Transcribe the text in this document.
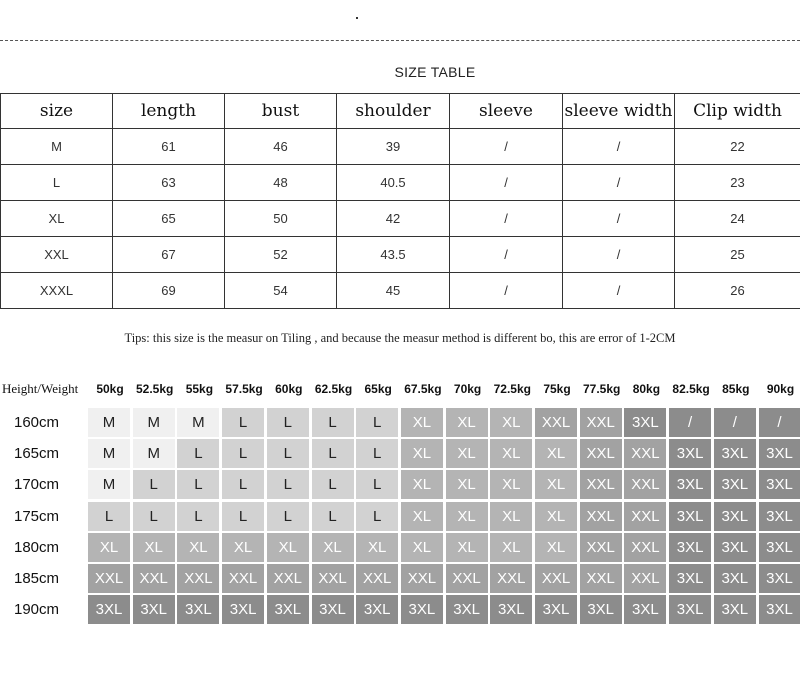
SIZE TABLE
size	length	bust	shoulder	sleeve	sleeve width	Clip width
M	61	46	39	/	/	22
L	63	48	40.5	/	/	23
XL	65	50	42	/	/	24
XXL	67	52	43.5	/	/	25
XXXL	69	54	45	/	/	26
Tips: this size is the measur on Tiling , and because the measur method is different bo, this are error of 1-2CM
Height/Weight	50kg	52.5kg	55kg	57.5kg	60kg	62.5kg	65kg	67.5kg	70kg	72.5kg	75kg	77.5kg	80kg	82.5kg	85kg	90kg
160cm	M	M	M	L	L	L	L	XL	XL	XL	XXL	XXL	3XL	/	/	/
165cm	M	M	L	L	L	L	L	XL	XL	XL	XL	XXL	XXL	3XL	3XL	3XL
170cm	M	L	L	L	L	L	L	XL	XL	XL	XL	XXL	XXL	3XL	3XL	3XL
175cm	L	L	L	L	L	L	L	XL	XL	XL	XL	XXL	XXL	3XL	3XL	3XL
180cm	XL	XL	XL	XL	XL	XL	XL	XL	XL	XL	XL	XXL	XXL	3XL	3XL	3XL
185cm	XXL	XXL	XXL	XXL	XXL	XXL	XXL	XXL	XXL	XXL	XXL	XXL	XXL	3XL	3XL	3XL
190cm	3XL	3XL	3XL	3XL	3XL	3XL	3XL	3XL	3XL	3XL	3XL	3XL	3XL	3XL	3XL	3XL
